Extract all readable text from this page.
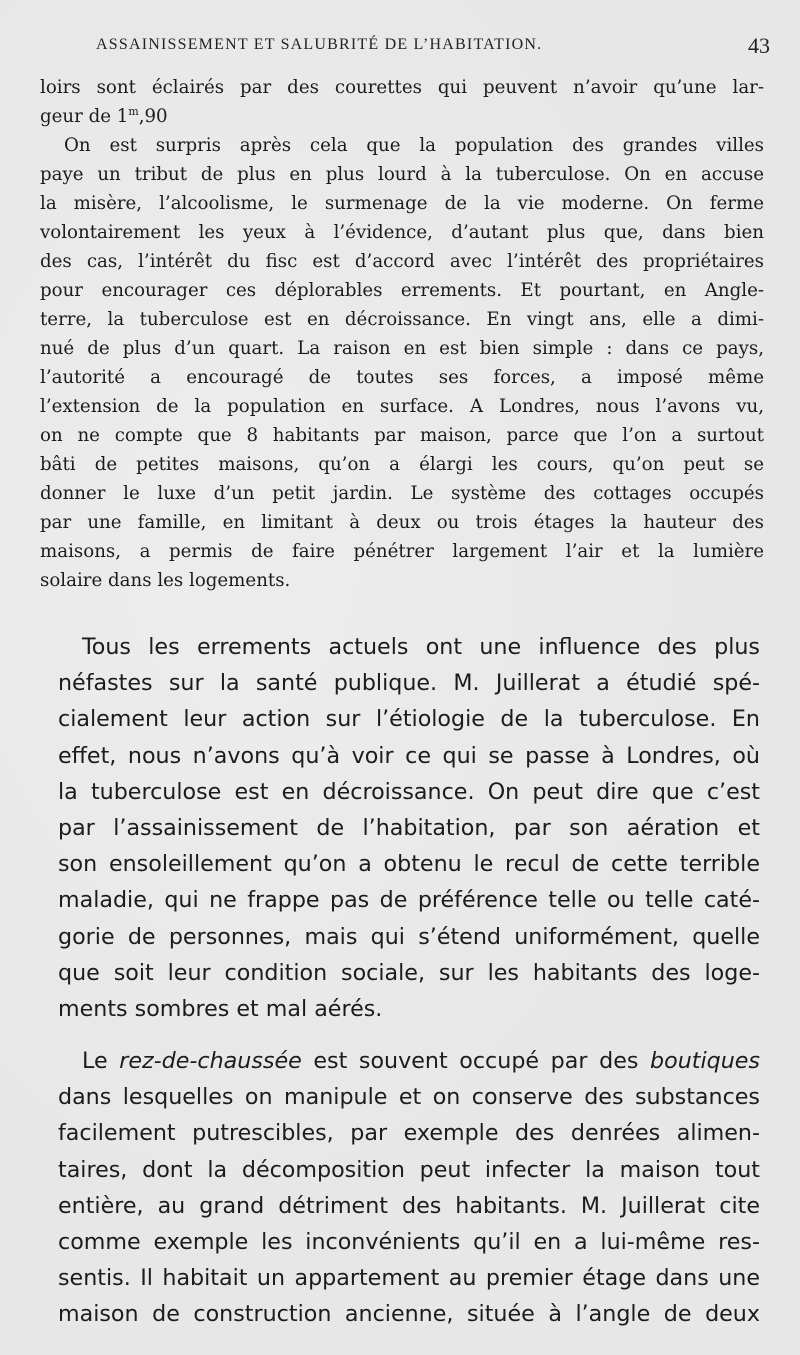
ASSAINISSEMENT ET SALUBRITÉ DE L’HABITATION.	43
loirs sont éclairés par des courettes qui peuvent n’avoir qu’une lar-
geur de 1$^m$,90
On est surpris après cela que la population des grandes villes
paye un tribut de plus en plus lourd à la tuberculose. On en accuse
la misère, l’alcoolisme, le surmenage de la vie moderne. On ferme
volontairement les yeux à l’évidence, d’autant plus que, dans bien
des cas, l’intérêt du fisc est d’accord avec l’intérêt des propriétaires
pour encourager ces déplorables errements. Et pourtant, en Angle-
terre, la tuberculose est en décroissance. En vingt ans, elle a dimi-
nué de plus d’un quart. La raison en est bien simple : dans ce pays,
l’autorité a encouragé de toutes ses forces, a imposé même
l’extension de la population en surface. A Londres, nous l’avons vu,
on ne compte que 8 habitants par maison, parce que l’on a surtout
bâti de petites maisons, qu’on a élargi les cours, qu’on peut se
donner le luxe d’un petit jardin. Le système des cottages occupés
par une famille, en limitant à deux ou trois étages la hauteur des
maisons, a permis de faire pénétrer largement l’air et la lumière
solaire dans les logements.
Tous les errements actuels ont une influence des plus
néfastes sur la santé publique. M. Juillerat a étudié spé-
cialement leur action sur l’étiologie de la tuberculose. En
effet, nous n’avons qu’à voir ce qui se passe à Londres, où
la tuberculose est en décroissance. On peut dire que c’est
par l’assainissement de l’habitation, par son aération et
son ensoleillement qu’on a obtenu le recul de cette terrible
maladie, qui ne frappe pas de préférence telle ou telle caté-
gorie de personnes, mais qui s’étend uniformément, quelle
que soit leur condition sociale, sur les habitants des loge-
ments sombres et mal aérés.
Le rez-de-chaussée est souvent occupé par des boutiques
dans lesquelles on manipule et on conserve des substances
facilement putrescibles, par exemple des denrées alimen-
taires, dont la décomposition peut infecter la maison tout
entière, au grand détriment des habitants. M. Juillerat cite
comme exemple les inconvénients qu’il en a lui-même res-
sentis. Il habitait un appartement au premier étage dans une
maison de construction ancienne, située à l’angle de deux
